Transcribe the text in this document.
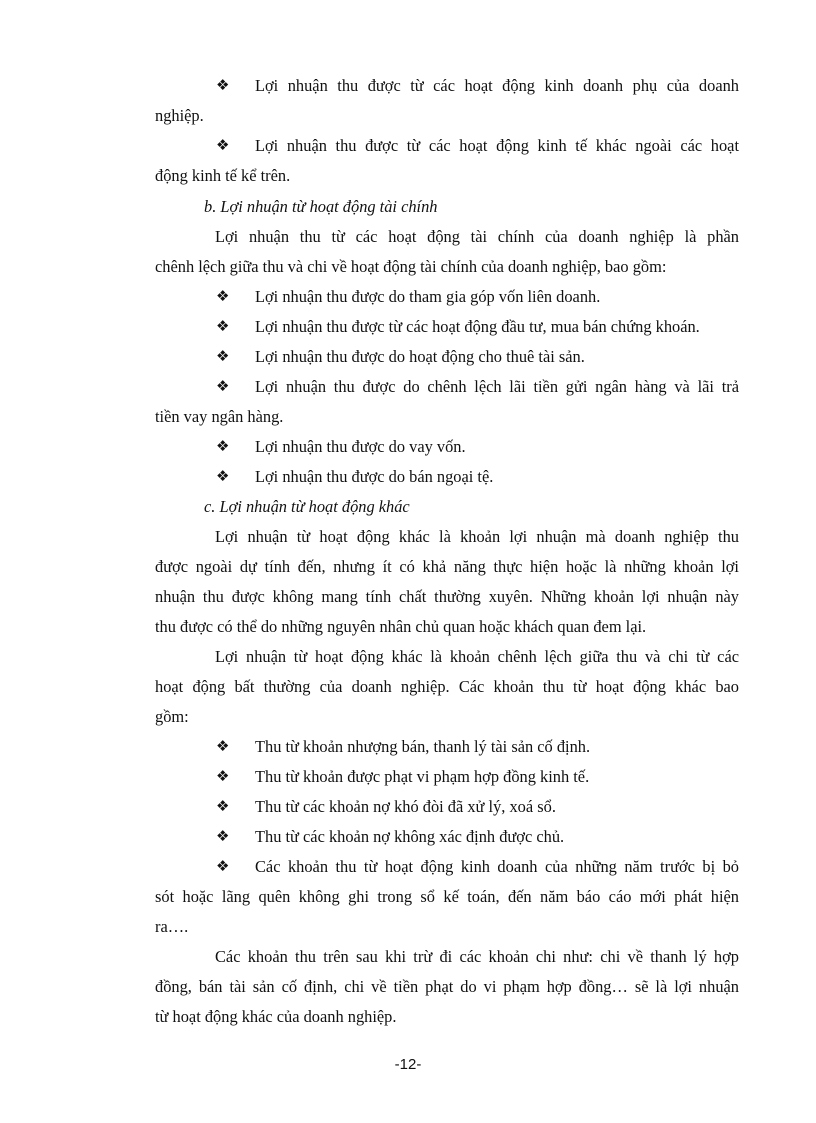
❖ Lợi nhuận thu được từ các hoạt động kinh doanh phụ của doanh
nghiệp.
❖ Lợi nhuận thu được từ các hoạt động kinh tế khác ngoài các hoạt
động kinh tế kể trên.
b. Lợi nhuận từ hoạt động tài chính
Lợi nhuận thu từ các hoạt động tài chính của doanh nghiệp là phần
chênh lệch giữa thu và chi về hoạt động tài chính của doanh nghiệp, bao gồm:
❖ Lợi nhuận thu được do tham gia góp vốn liên doanh.
❖ Lợi nhuận thu được từ các hoạt động đầu tư, mua bán chứng khoán.
❖ Lợi nhuận thu được do hoạt động cho thuê tài sản.
❖ Lợi nhuận thu được do chênh lệch lãi tiền gửi ngân hàng và lãi trả
tiền vay ngân hàng.
❖ Lợi nhuận thu được do vay vốn.
❖ Lợi nhuận thu được do bán ngoại tệ.
c. Lợi nhuận từ hoạt động khác
Lợi nhuận từ hoạt động khác là khoản lợi nhuận mà doanh nghiệp thu
được ngoài dự tính đến, nhưng ít có khả năng thực hiện hoặc là những khoản lợi
nhuận thu được không mang tính chất thường xuyên. Những khoản lợi nhuận này
thu được có thể do những nguyên nhân chủ quan hoặc khách quan đem lại.
Lợi nhuận từ hoạt động khác là khoản chênh lệch giữa thu và chi từ các
hoạt động bất thường của doanh nghiệp. Các khoản thu từ hoạt động khác bao
gồm:
❖ Thu từ khoản nhượng bán, thanh lý tài sản cố định.
❖ Thu từ khoản được phạt vi phạm hợp đồng kinh tế.
❖ Thu từ các khoản nợ khó đòi đã xử lý, xoá sổ.
❖ Thu từ các khoản nợ không xác định được chủ.
❖ Các khoản thu từ hoạt động kinh doanh của những năm trước bị bỏ
sót hoặc lãng quên không ghi trong sổ kế toán, đến năm báo cáo mới phát hiện
ra….
Các khoản thu trên sau khi trừ đi các khoản chi như: chi về thanh lý hợp
đồng, bán tài sản cố định, chi về tiền phạt do vi phạm hợp đồng… sẽ là lợi nhuận
từ hoạt động khác của doanh nghiệp.
-12-
